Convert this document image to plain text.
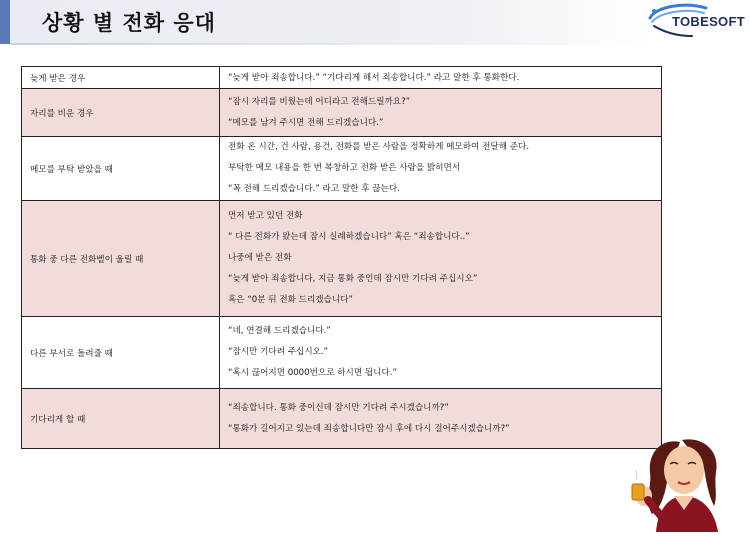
상황 별 전화 응대	TOBESOFT
늦게 받은 경우	“늦게 받아 죄송합니다.” “기다리게 해서 죄송합니다.” 라고 말한 후 통화한다.

자리를 비운 경우	“잠시 자리를 비웠는데 어디라고 전해드릴까요?”
“메모를 남겨 주시면 전해 드리겠습니다.”

메모를 부탁 받았을 때	전화 온 시간, 건 사람, 용건, 전화를 받은 사람을 정확하게 메모하여 전달해 준다.
부탁한 메모 내용을 한 번 복창하고 전화 받은 사람을 밝히면서
“꼭 전해 드리겠습니다.” 라고 말한 후 끊는다.

통화 중 다른 전화벨이 울릴 때	먼저 받고 있던 전화
“ 다른 전화가 왔는데 잠시 실례하겠습니다” 혹은 “죄송합니다..”
나중에 받은 전화
“늦게 받아 죄송합니다, 지금 통화 중인데 잠시만 기다려 주십시오”
혹은 “0분 뒤 전화 드리겠습니다”

다른 부서로 돌려줄 때	“네, 연결해 드리겠습니다.”
“잠시만 기다려 주십시오.”
“혹시 끊어지면 0000번으로 하시면 됩니다.”

기다리게 할 때	“죄송합니다. 통화 중이신데 잠시만 기다려 주시겠습니까?”
“통화가 길어지고 있는데 죄송합니다만 잠시 후에 다시 걸어주시겠습니까?”
